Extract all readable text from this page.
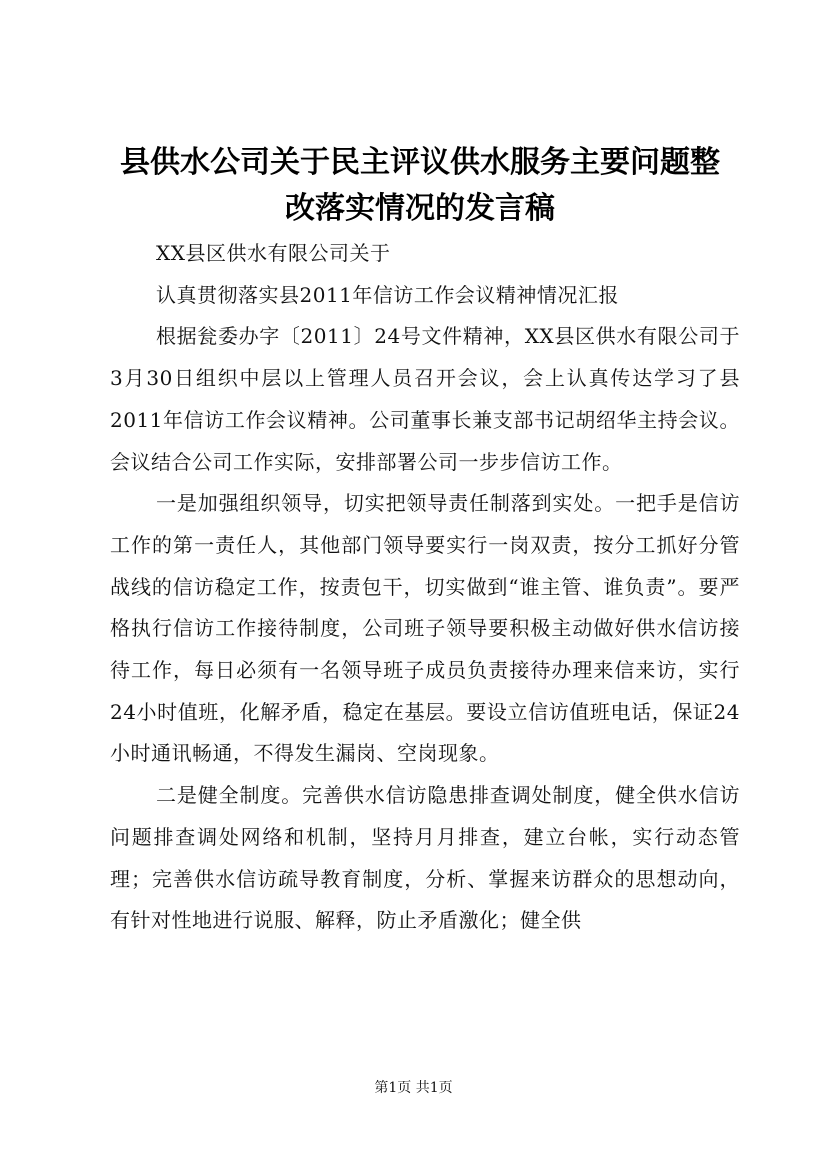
县供水公司关于民主评议供水服务主要问题整
改落实情况的发言稿

XX县区供水有限公司关于

认真贯彻落实县2011年信访工作会议精神情况汇报

根据瓮委办字〔2011〕24号文件精神，XX县区供水有限公司于3月30日组织中层以上管理人员召开会议，会上认真传达学习了县2011年信访工作会议精神。公司董事长兼支部书记胡绍华主持会议。会议结合公司工作实际，安排部署公司一步步信访工作。

一是加强组织领导，切实把领导责任制落到实处。一把手是信访工作的第一责任人，其他部门领导要实行一岗双责，按分工抓好分管战线的信访稳定工作，按责包干，切实做到“谁主管、谁负责”。要严格执行信访工作接待制度，公司班子领导要积极主动做好供水信访接待工作，每日必须有一名领导班子成员负责接待办理来信来访，实行24小时值班，化解矛盾，稳定在基层。要设立信访值班电话，保证24小时通讯畅通，不得发生漏岗、空岗现象。

二是健全制度。完善供水信访隐患排查调处制度，健全供水信访问题排查调处网络和机制，坚持月月排查，建立台帐，实行动态管理；完善供水信访疏导教育制度，分析、掌握来访群众的思想动向，有针对性地进行说服、解释，防止矛盾激化；健全供

第1页 共1页
